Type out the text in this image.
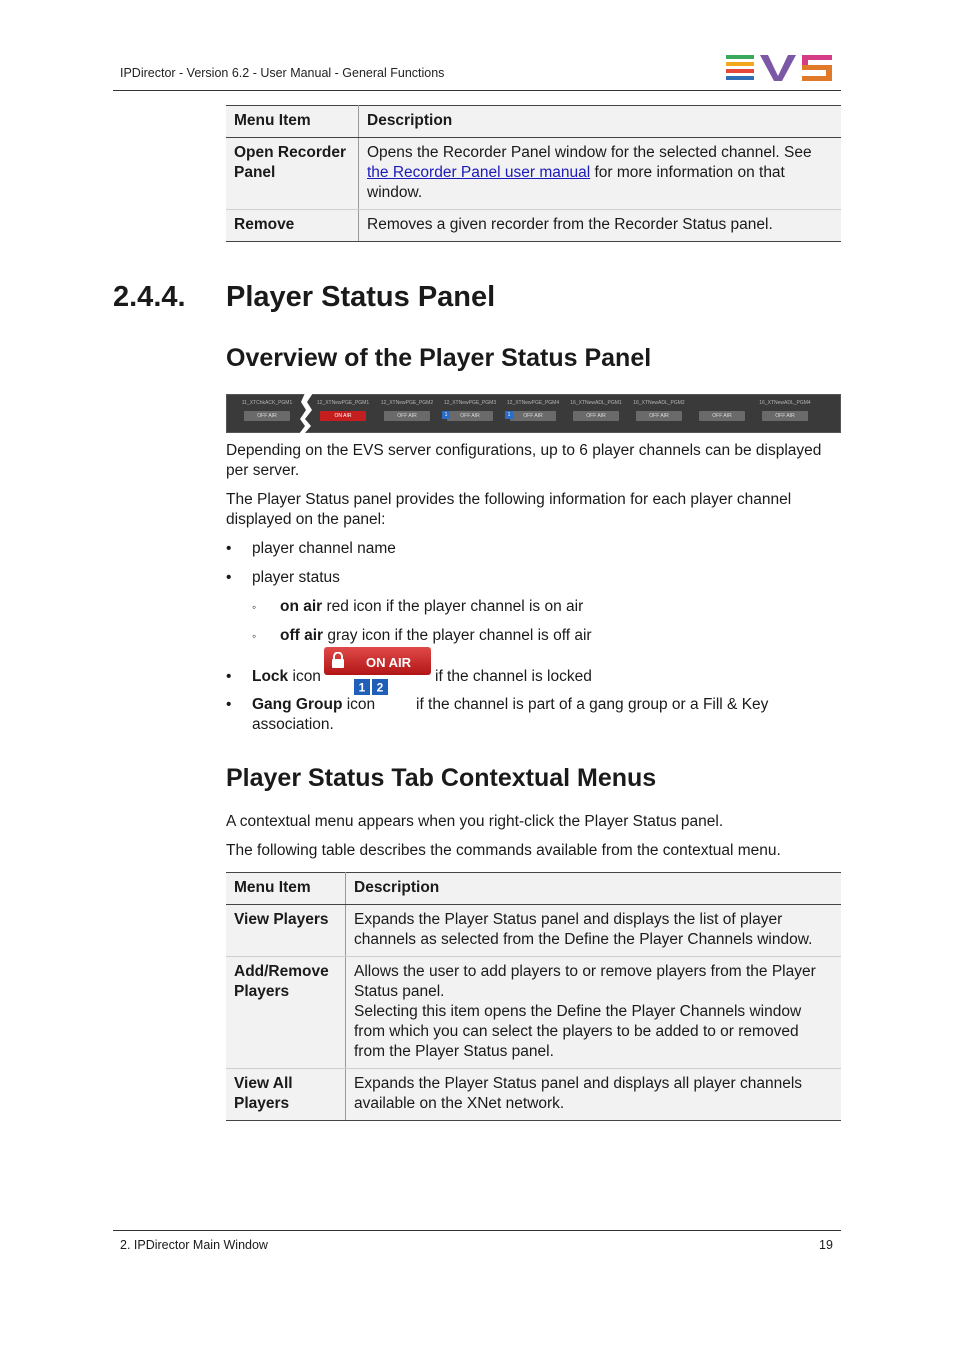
IPDirector - Version 6.2 - User Manual - General Functions
Menu Item	Description
Open Recorder Panel	Opens the Recorder Panel window for the selected channel. See the Recorder Panel user manual for more information on that window.
Remove	Removes a given recorder from the Recorder Status panel.
2.4.4. Player Status Panel
Overview of the Player Status Panel
11_XTChkACK_PGM1
OFF AIR
12_XTNewPGE_PGM1
ON AIR
12_XTNewPGE_PGM2
OFF AIR
12_XTNewPGE_PGM3
OFF AIR
1
12_XTNewPGE_PGM4
OFF AIR
1
16_XTNewADL_PGM1
OFF AIR
16_XTNewADL_PGM2
OFF AIR	OFF AIR
16_XTNewADL_PGM4
OFF AIR
Depending on the EVS server configurations, up to 6 player channels can be displayed per server.
The Player Status panel provides the following information for each player channel displayed on the panel:
• player channel name
• player status
◦ on air red icon if the player channel is on air
◦ off air gray icon if the player channel is off air
• Lock icon
ON AIR
if the channel is locked
• Gang Group icon
1 2
if the channel is part of a gang group or a Fill & Key
association.
Player Status Tab Contextual Menus
A contextual menu appears when you right-click the Player Status panel.
The following table describes the commands available from the contextual menu.
Menu Item	Description
View Players	Expands the Player Status panel and displays the list of player channels as selected from the Define the Player Channels window.
Add/Remove Players	Allows the user to add players to or remove players from the Player Status panel.
Selecting this item opens the Define the Player Channels window from which you can select the players to be added to or removed from the Player Status panel.

View All Players	Expands the Player Status panel and displays all player channels available on the XNet network.
2. IPDirector Main Window	19
